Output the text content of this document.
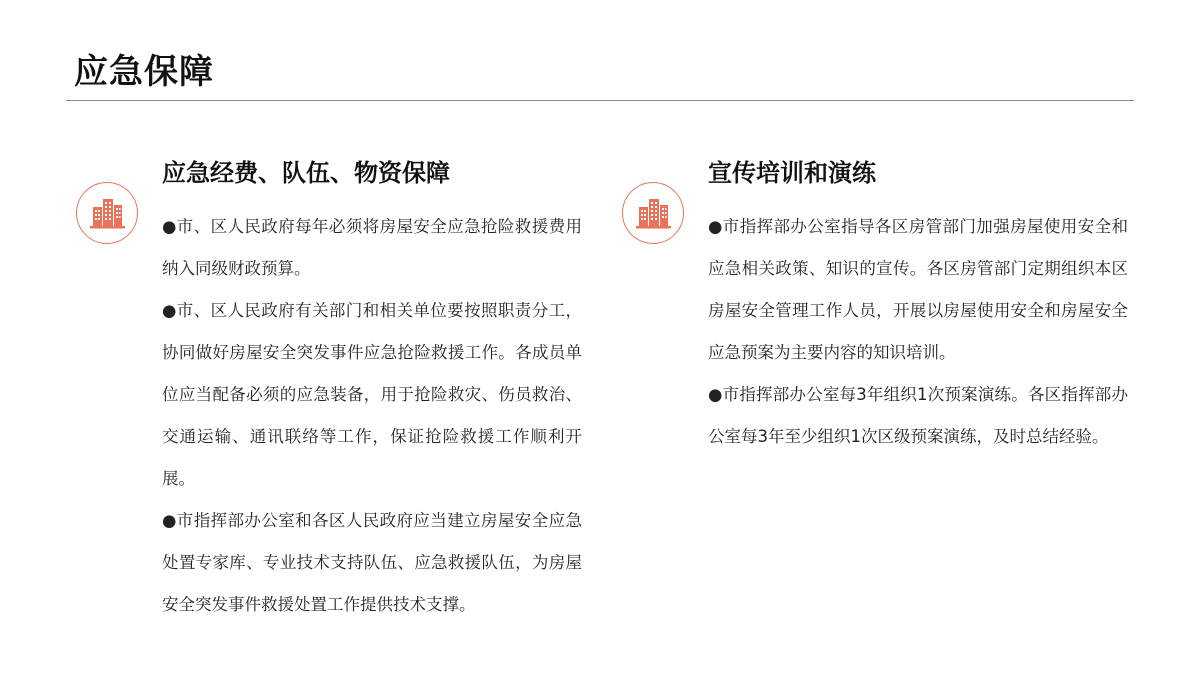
应急保障
应急经费、队伍、物资保障

●市、区人民政府每年必须将房屋安全应急抢险救援费用纳入同级财政预算。

●市、区人民政府有关部门和相关单位要按照职责分工，协同做好房屋安全突发事件应急抢险救援工作。各成员单位应当配备必须的应急装备，用于抢险救灾、伤员救治、交通运输、通讯联络等工作，保证抢险救援工作顺利开展。

●市指挥部办公室和各区人民政府应当建立房屋安全应急处置专家库、专业技术支持队伍、应急救援队伍，为房屋安全突发事件救援处置工作提供技术支撑。

宣传培训和演练

●市指挥部办公室指导各区房管部门加强房屋使用安全和应急相关政策、知识的宣传。各区房管部门定期组织本区房屋安全管理工作人员，开展以房屋使用安全和房屋安全应急预案为主要内容的知识培训。

●市指挥部办公室每3年组织1次预案演练。各区指挥部办公室每3年至少组织1次区级预案演练，及时总结经验。
